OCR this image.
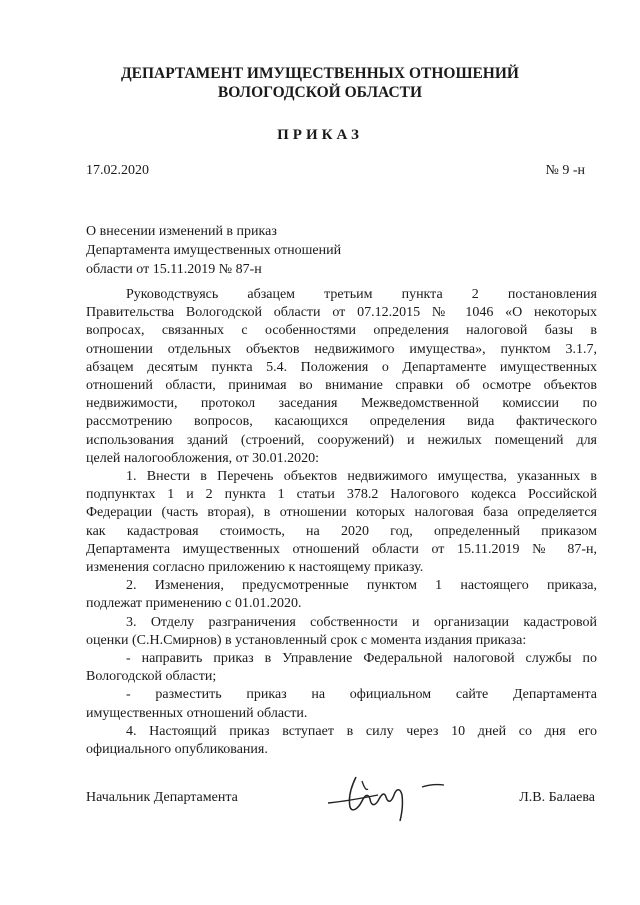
ДЕПАРТАМЕНТ ИМУЩЕСТВЕННЫХ ОТНОШЕНИЙ
ВОЛОГОДСКОЙ ОБЛАСТИ
ПРИКАЗ
17.02.2020	№ 9 -н
О внесении изменений в приказ
Департамента имущественных отношений
области от 15.11.2019 № 87-н
Руководствуясь абзацем третьим пункта 2 постановления
Правительства Вологодской области от 07.12.2015 № 1046 «О некоторых
вопросах, связанных с особенностями определения налоговой базы в
отношении отдельных объектов недвижимого имущества», пунктом 3.1.7,
абзацем десятым пункта 5.4. Положения о Департаменте имущественных
отношений области, принимая во внимание справки об осмотре объектов
недвижимости, протокол заседания Межведомственной комиссии по
рассмотрению вопросов, касающихся определения вида фактического
использования зданий (строений, сооружений) и нежилых помещений для
целей налогообложения, от 30.01.2020:
1. Внести в Перечень объектов недвижимого имущества, указанных в
подпунктах 1 и 2 пункта 1 статьи 378.2 Налогового кодекса Российской
Федерации (часть вторая), в отношении которых налоговая база определяется
как кадастровая стоимость, на 2020 год, определенный приказом
Департамента имущественных отношений области от 15.11.2019 № 87-н,
изменения согласно приложению к настоящему приказу.
2. Изменения, предусмотренные пунктом 1 настоящего приказа,
подлежат применению с 01.01.2020.
3. Отделу разграничения собственности и организации кадастровой
оценки (С.Н.Смирнов) в установленный срок с момента издания приказа:
- направить приказ в Управление Федеральной налоговой службы по
Вологодской области;
- разместить приказ на официальном сайте Департамента
имущественных отношений области.
4. Настоящий приказ вступает в силу через 10 дней со дня его
официального опубликования.
Начальник Департамента	Л.В. Балаева
